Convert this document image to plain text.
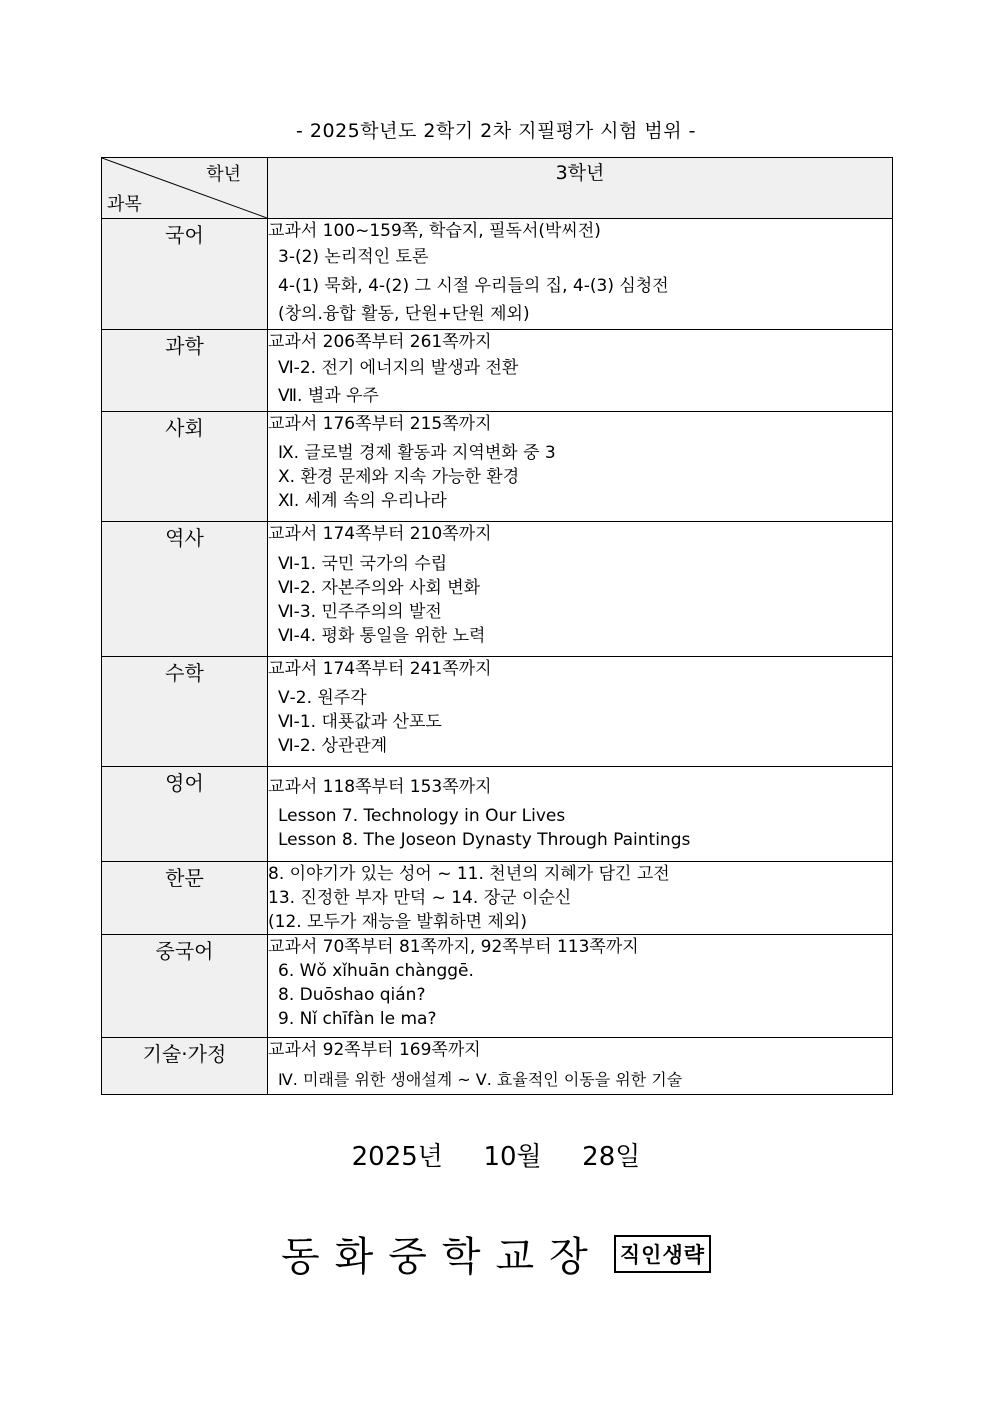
- 2025학년도 2학기 2차 지필평가 시험 범위 -
학년
과목	3학년
국어	교과서 100~159쪽, 학습지, 필독서(박씨전)
3-(2) 논리적인 토론
4-(1) 묵화, 4-(2) 그 시절 우리들의 집, 4-(3) 심청전
(창의.융합 활동, 단원+단원 제외)

과학	교과서 206쪽부터 261쪽까지
Ⅵ-2. 전기 에너지의 발생과 전환
Ⅶ. 별과 우주

사회	교과서 176쪽부터 215쪽까지
Ⅸ. 글로벌 경제 활동과 지역변화 중 3
Ⅹ. 환경 문제와 지속 가능한 환경
Ⅺ. 세계 속의 우리나라

역사	교과서 174쪽부터 210쪽까지
Ⅵ-1. 국민 국가의 수립
Ⅵ-2. 자본주의와 사회 변화
Ⅵ-3. 민주주의의 발전
Ⅵ-4. 평화 통일을 위한 노력

수학	교과서 174쪽부터 241쪽까지
Ⅴ-2. 원주각
Ⅵ-1. 대푯값과 산포도
Ⅵ-2. 상관관계

영어	교과서 118쪽부터 153쪽까지
Lesson 7. Technology in Our Lives
Lesson 8. The Joseon Dynasty Through Paintings

한문	8. 이야기가 있는 성어 ~ 11. 천년의 지혜가 담긴 고전
13. 진정한 부자 만덕 ~ 14. 장군 이순신
(12. 모두가 재능을 발휘하면 제외)

중국어	교과서 70쪽부터 81쪽까지, 92쪽부터 113쪽까지
6. Wǒ xǐhuān chànggē.
8. Duōshao qián?
9. Nǐ chīfàn le ma?

기술·가정	교과서 92쪽부터 169쪽까지
Ⅳ. 미래를 위한 생애설계 ~ Ⅴ. 효율적인 이동을 위한 기술
2025년  10월  28일
동화중학교장 직인생략
